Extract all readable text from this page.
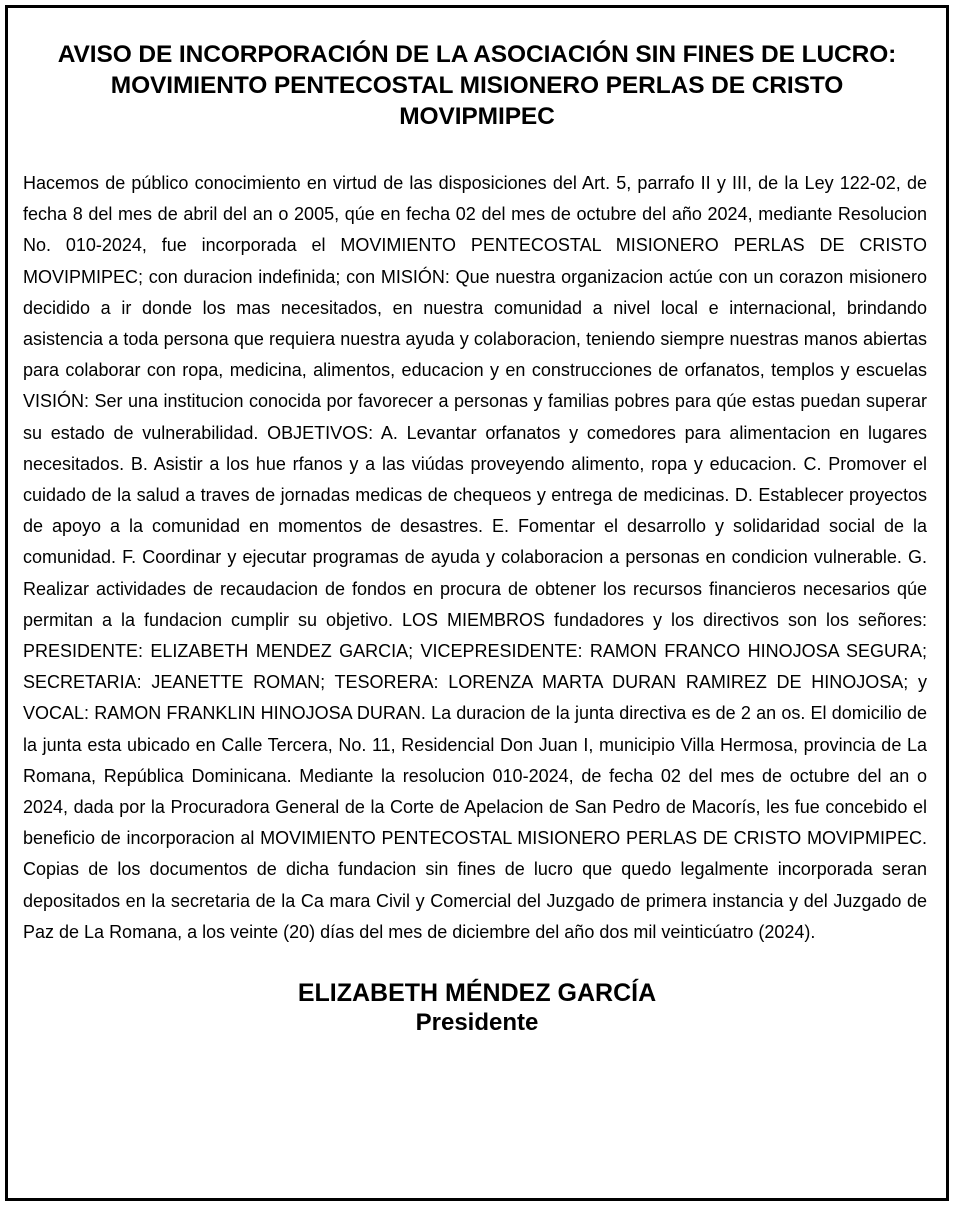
AVISO DE INCORPORACIÓN DE LA ASOCIACIÓN SIN FINES DE LUCRO: MOVIMIENTO PENTECOSTAL MISIONERO PERLAS DE CRISTO MOVIPMIPEC
Hacemos de público conocimiento en virtud de las disposiciones del Art. 5, parrafo II y III, de la Ley 122-02, de fecha 8 del mes de abril del an o 2005, qúe en fecha 02 del mes de octubre del año 2024, mediante Resolucion No. 010-2024, fue incorporada el MOVIMIENTO PENTECOSTAL MISIONERO PERLAS DE CRISTO MOVIPMIPEC; con duracion indefinida; con MISIÓN: Que nuestra organizacion actúe con un corazon misionero decidido a ir donde los mas necesitados, en nuestra comunidad a nivel local e internacional, brindando asistencia a toda persona que requiera nuestra ayuda y colaboracion, teniendo siempre nuestras manos abiertas para colaborar con ropa, medicina, alimentos, educacion y en construcciones de orfanatos, templos y escuelas VISIÓN: Ser una institucion conocida por favorecer a personas y familias pobres para qúe estas puedan superar su estado de vulnerabilidad. OBJETIVOS: A. Levantar orfanatos y comedores para alimentacion en lugares necesitados. B. Asistir a los hue rfanos y a las viúdas proveyendo alimento, ropa y educacion. C. Promover el cuidado de la salud a traves de jornadas medicas de chequeos y entrega de medicinas. D. Establecer proyectos de apoyo a la comunidad en momentos de desastres. E. Fomentar el desarrollo y solidaridad social de la comunidad. F. Coordinar y ejecutar programas de ayuda y colaboracion a personas en condicion vulnerable. G. Realizar actividades de recaudacion de fondos en procura de obtener los recursos financieros necesarios qúe permitan a la fundacion cumplir su objetivo. LOS MIEMBROS fundadores y los directivos son los señores: PRESIDENTE: ELIZABETH MENDEZ GARCIA; VICEPRESIDENTE: RAMON FRANCO HINOJOSA SEGURA; SECRETARIA: JEANETTE ROMAN; TESORERA: LORENZA MARTA DURAN RAMIREZ DE HINOJOSA; y VOCAL: RAMON FRANKLIN HINOJOSA DURAN. La duracion de la junta directiva es de 2 an os. El domicilio de la junta esta ubicado en Calle Tercera, No. 11, Residencial Don Juan I, municipio Villa Hermosa, provincia de La Romana, República Dominicana. Mediante la resolucion 010-2024, de fecha 02 del mes de octubre del an o 2024, dada por la Procuradora General de la Corte de Apelacion de San Pedro de Macorís, les fue concebido el beneficio de incorporacion al MOVIMIENTO PENTECOSTAL MISIONERO PERLAS DE CRISTO MOVIPMIPEC. Copias de los documentos de dicha fundacion sin fines de lucro que quedo legalmente incorporada seran depositados en la secretaria de la Ca mara Civil y Comercial del Juzgado de primera instancia y del Juzgado de Paz de La Romana, a los veinte (20) días del mes de diciembre del año dos mil veinticúatro (2024).
ELIZABETH MÉNDEZ GARCÍA
Presidente
